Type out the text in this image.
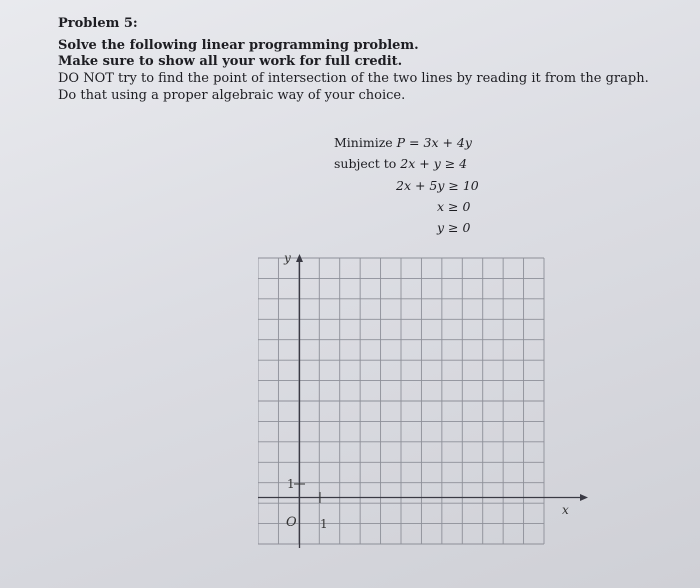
Problem 5:
Solve the following linear programming problem.
Make sure to show all your work for full credit.
DO NOT try to find the point of intersection of the two lines by reading it from the graph.
Do that using a proper algebraic way of your choice.
Minimize P = 3x + 4y
subject to 2x + y ≥ 4
2x + 5y ≥ 10
x ≥ 0
y ≥ 0
y
x
O 1
1
